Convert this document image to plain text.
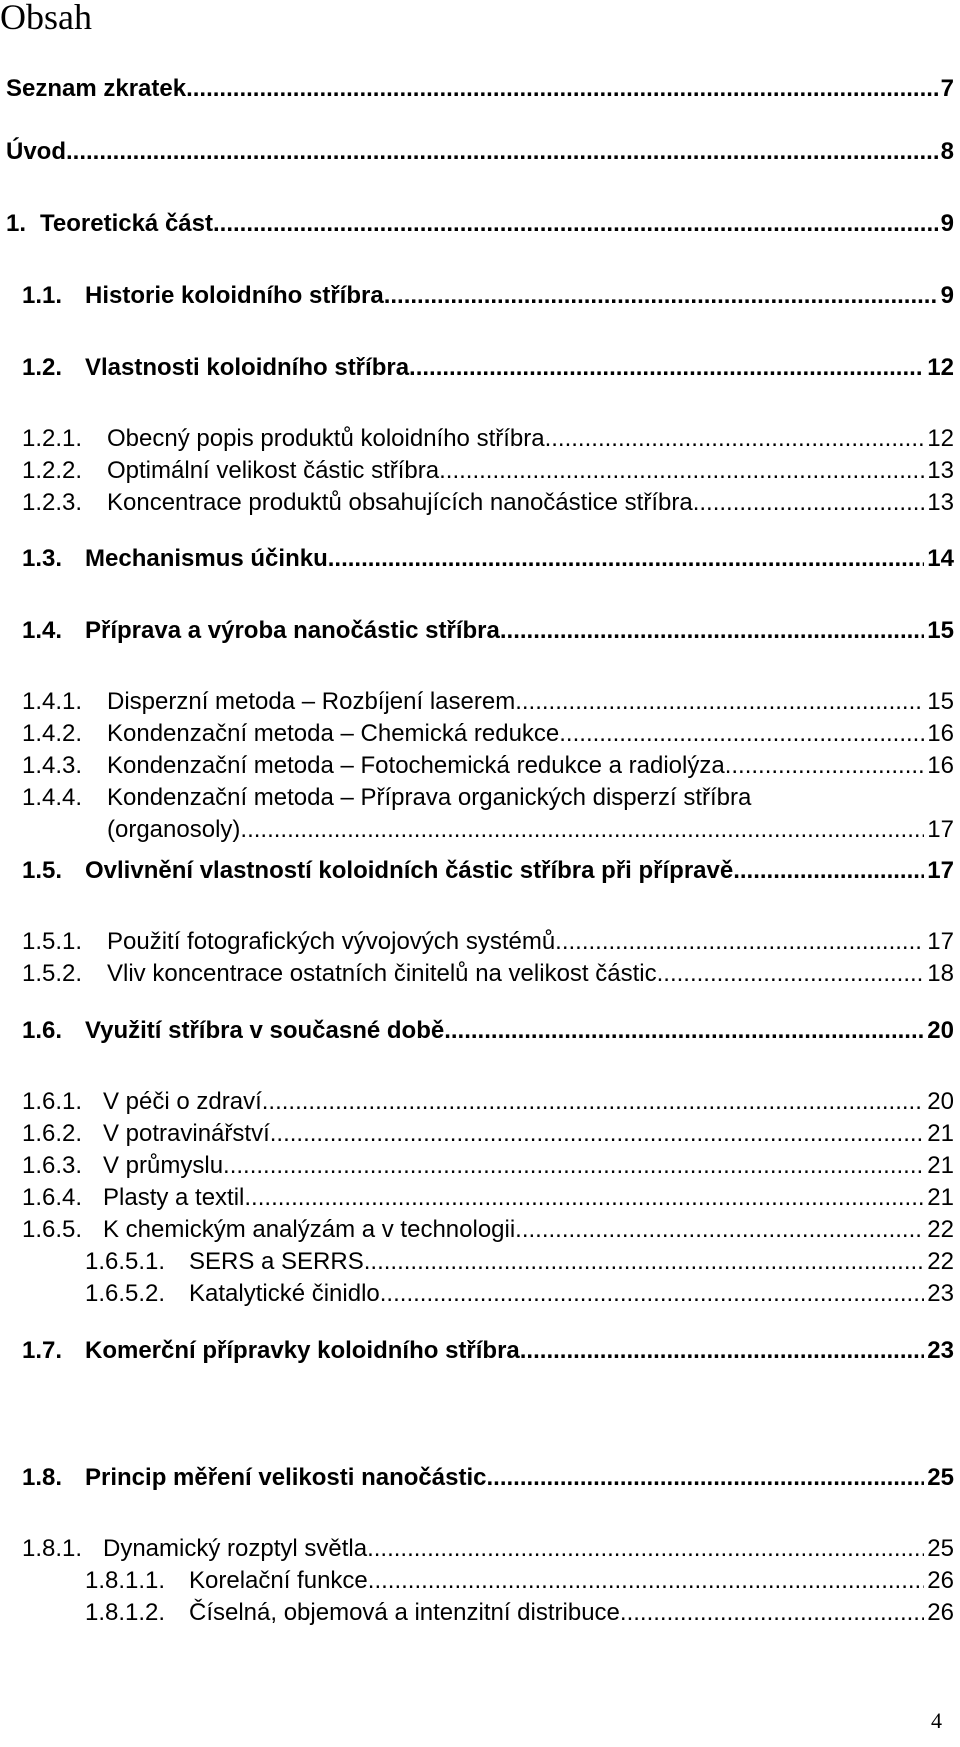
Obsah
Seznam zkratek .....	7
Úvod .....	8
1. Teoretická část .....	9
1.1. Historie koloidního stříbra .....	9
1.2. Vlastnosti koloidního stříbra .....	12
1.2.1.	Obecný popis produktů koloidního stříbra .....	12
1.2.2.	Optimální velikost částic stříbra .....	13
1.2.3.	Koncentrace produktů obsahujících nanočástice stříbra .....	13
1.3. Mechanismus účinku .....	14
1.4. Příprava a výroba nanočástic stříbra .....	15
1.4.1.	Disperzní metoda – Rozbíjení laserem .....	15
1.4.2.	Kondenzační metoda – Chemická redukce .....	16
1.4.3.	Kondenzační metoda – Fotochemická redukce a radiolýza .....	16
1.4.4.	Kondenzační metoda – Příprava organických disperzí stříbra
(organosoly) .....	17
1.5. Ovlivnění vlastností koloidních částic stříbra při přípravě .....	17
1.5.1.	Použití fotografických vývojových systémů .....	17
1.5.2.	Vliv koncentrace ostatních činitelů na velikost částic .....	18
1.6. Využití stříbra v současné době .....	20
1.6.1. V péči o zdraví .....	20
1.6.2. V potravinářství .....	21
1.6.3. V průmyslu .....	21
1.6.4. Plasty a textil .....	21
1.6.5. K chemickým analýzám a v technologii .....	22
1.6.5.1. SERS a SERRS .....	22
1.6.5.2. Katalytické činidlo .....	23
1.7. Komerční přípravky koloidního stříbra .....	23
1.8. Princip měření velikosti nanočástic .....	25
1.8.1. Dynamický rozptyl světla .....	25
1.8.1.1. Korelační funkce .....	26
1.8.1.2. Číselná, objemová a intenzitní distribuce .....	26
4
